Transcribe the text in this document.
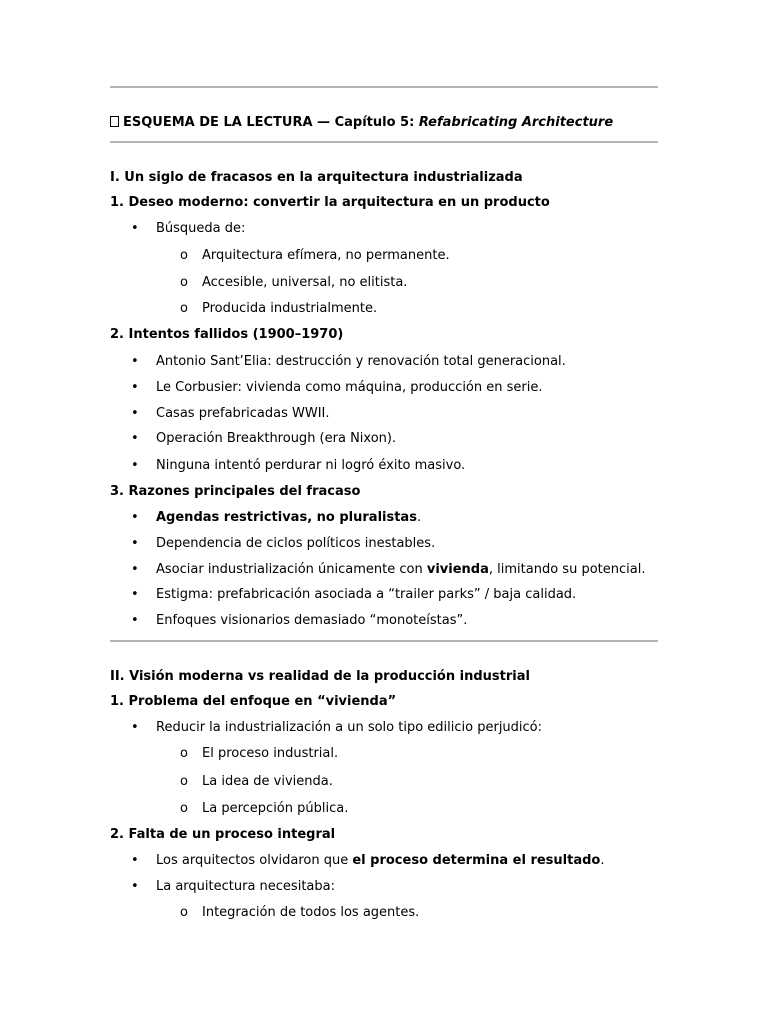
ESQUEMA DE LA LECTURA — Capítulo 5: Refabricating Architecture
I. Un siglo de fracasos en la arquitectura industrializada
1. Deseo moderno: convertir la arquitectura en un producto
• Búsqueda de:
o Arquitectura efímera, no permanente.
o Accesible, universal, no elitista.
o Producida industrialmente.
2. Intentos fallidos (1900–1970)
• Antonio Sant’Elia: destrucción y renovación total generacional.
• Le Corbusier: vivienda como máquina, producción en serie.
• Casas prefabricadas WWII.
• Operación Breakthrough (era Nixon).
• Ninguna intentó perdurar ni logró éxito masivo.
3. Razones principales del fracaso
• Agendas restrictivas, no pluralistas.
• Dependencia de ciclos políticos inestables.
• Asociar industrialización únicamente con vivienda, limitando su potencial.
• Estigma: prefabricación asociada a “trailer parks” / baja calidad.
• Enfoques visionarios demasiado “monoteístas”.
II. Visión moderna vs realidad de la producción industrial
1. Problema del enfoque en “vivienda”
• Reducir la industrialización a un solo tipo edilicio perjudicó:
o El proceso industrial.
o La idea de vivienda.
o La percepción pública.
2. Falta de un proceso integral
• Los arquitectos olvidaron que el proceso determina el resultado.
• La arquitectura necesitaba:
o Integración de todos los agentes.
